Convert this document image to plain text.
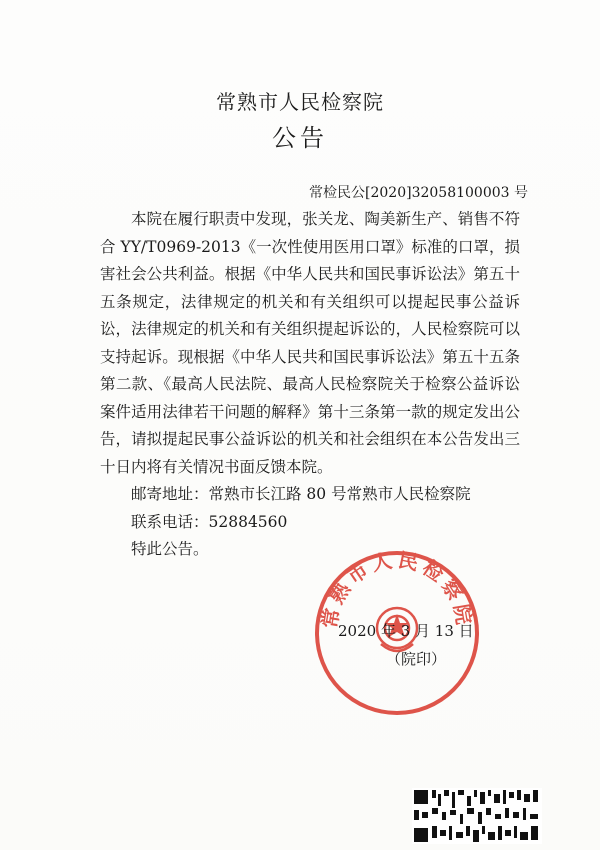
常熟市人民检察院
公告
常检民公[2020]32058100003 号
本院在履行职责中发现，张关龙、陶美新生产、销售不符合 YY/T0969-2013《一次性使用医用口罩》标准的口罩，损害社会公共利益。根据《中华人民共和国民事诉讼法》第五十五条规定，法律规定的机关和有关组织可以提起民事公益诉讼，法律规定的机关和有关组织提起诉讼的，人民检察院可以支持起诉。现根据《中华人民共和国民事诉讼法》第五十五条第二款、《最高人民法院、最高人民检察院关于检察公益诉讼案件适用法律若干问题的解释》第十三条第一款的规定发出公告，请拟提起民事公益诉讼的机关和社会组织在本公告发出三十日内将有关情况书面反馈本院。

邮寄地址：常熟市长江路 80 号常熟市人民检察院

联系电话：52884560

特此公告。

常熟市人民检察院
2020 年 3 月 13 日
（院印）
